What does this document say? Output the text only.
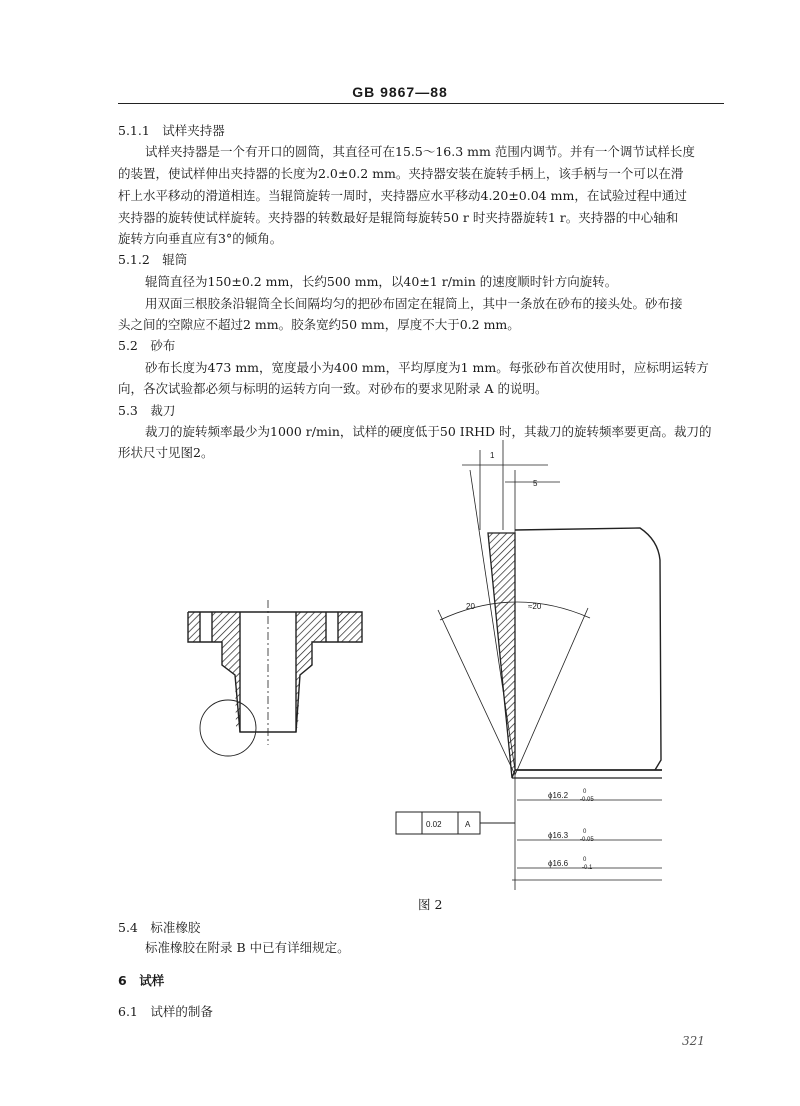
GB 9867—88
5.1.1　试样夹持器
试样夹持器是一个有开口的圆筒，其直径可在15.5～16.3 mm 范围内调节。并有一个调节试样长度
的装置，使试样伸出夹持器的长度为2.0±0.2 mm。夹持器安装在旋转手柄上，该手柄与一个可以在滑
杆上水平移动的滑道相连。当辊筒旋转一周时，夹持器应水平移动4.20±0.04 mm，在试验过程中通过
夹持器的旋转使试样旋转。夹持器的转数最好是辊筒每旋转50 r 时夹持器旋转1 r。夹持器的中心轴和
旋转方向垂直应有3°的倾角。
5.1.2　辊筒
辊筒直径为150±0.2 mm，长约500 mm，以40±1 r/min 的速度顺时针方向旋转。
用双面三根胶条沿辊筒全长间隔均匀的把砂布固定在辊筒上，其中一条放在砂布的接头处。砂布接
头之间的空隙应不超过2 mm。胶条宽约50 mm，厚度不大于0.2 mm。
5.2　砂布
砂布长度为473 mm，宽度最小为400 mm，平均厚度为1 mm。每张砂布首次使用时，应标明运转方
向，各次试验都必须与标明的运转方向一致。对砂布的要求见附录 A 的说明。
5.3　裁刀
裁刀的旋转频率最少为1000 r/min，试样的硬度低于50 IRHD 时，其裁刀的旋转频率要更高。裁刀的
形状尺寸见图2。	1
5
20	≈20
0.02	A
ϕ16.2 0
-0.05
ϕ16.3 0
-0.05
ϕ16.6 0
-0.1
图 2
5.4　标准橡胶
标准橡胶在附录 B 中已有详细规定。
6　试样
6.1　试样的制备
321
